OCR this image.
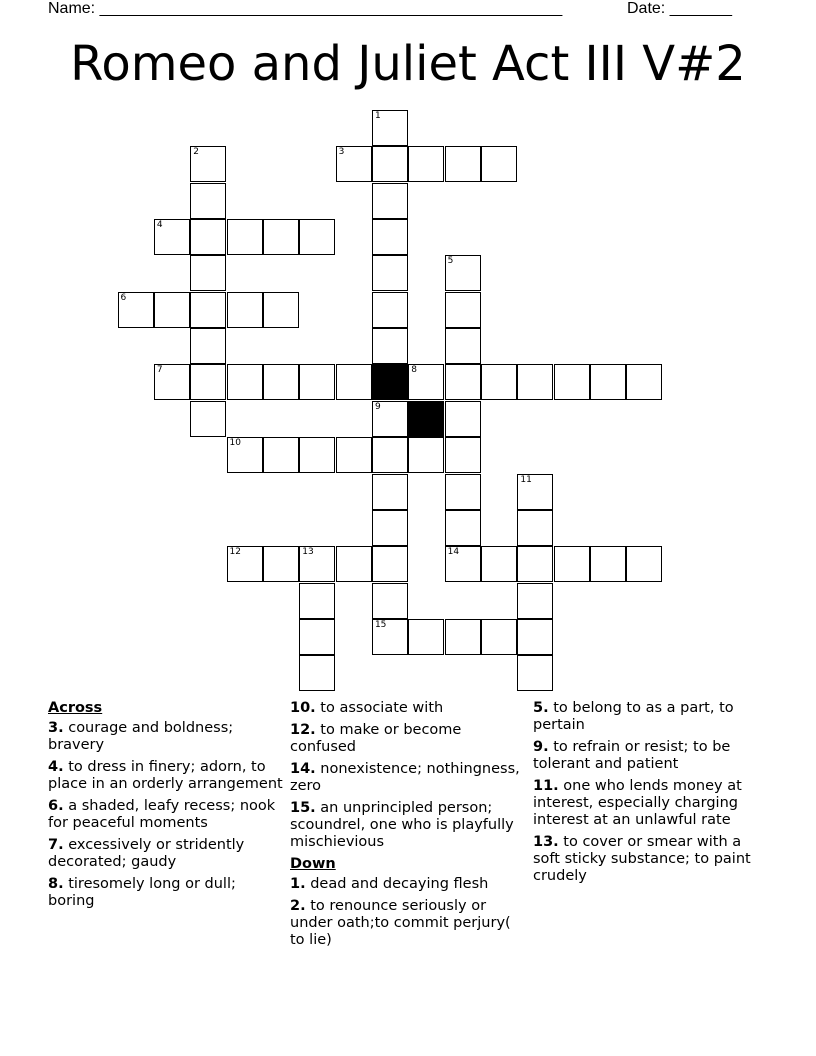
Name: ____________________________________________________	Date: _______
Romeo and Juliet Act III V#2
1
2	3
4
5
6
7	8
9
10
11
12	13	14
15
Across
3. courage and boldness; bravery
4. to dress in finery; adorn, to place in an orderly arrangement
6. a shaded, leafy recess; nook for peaceful moments
7. excessively or stridently decorated; gaudy
8. tiresomely long or dull; boring
10. to associate with
12. to make or become confused
14. nonexistence; nothingness, zero
15. an unprincipled person; scoundrel, one who is playfully mischievious
Down
1. dead and decaying flesh
2. to renounce seriously or under oath;to commit perjury( to lie)
5. to belong to as a part, to pertain
9. to refrain or resist; to be tolerant and patient
11. one who lends money at interest, especially charging interest at an unlawful rate
13. to cover or smear with a soft sticky substance; to paint crudely
